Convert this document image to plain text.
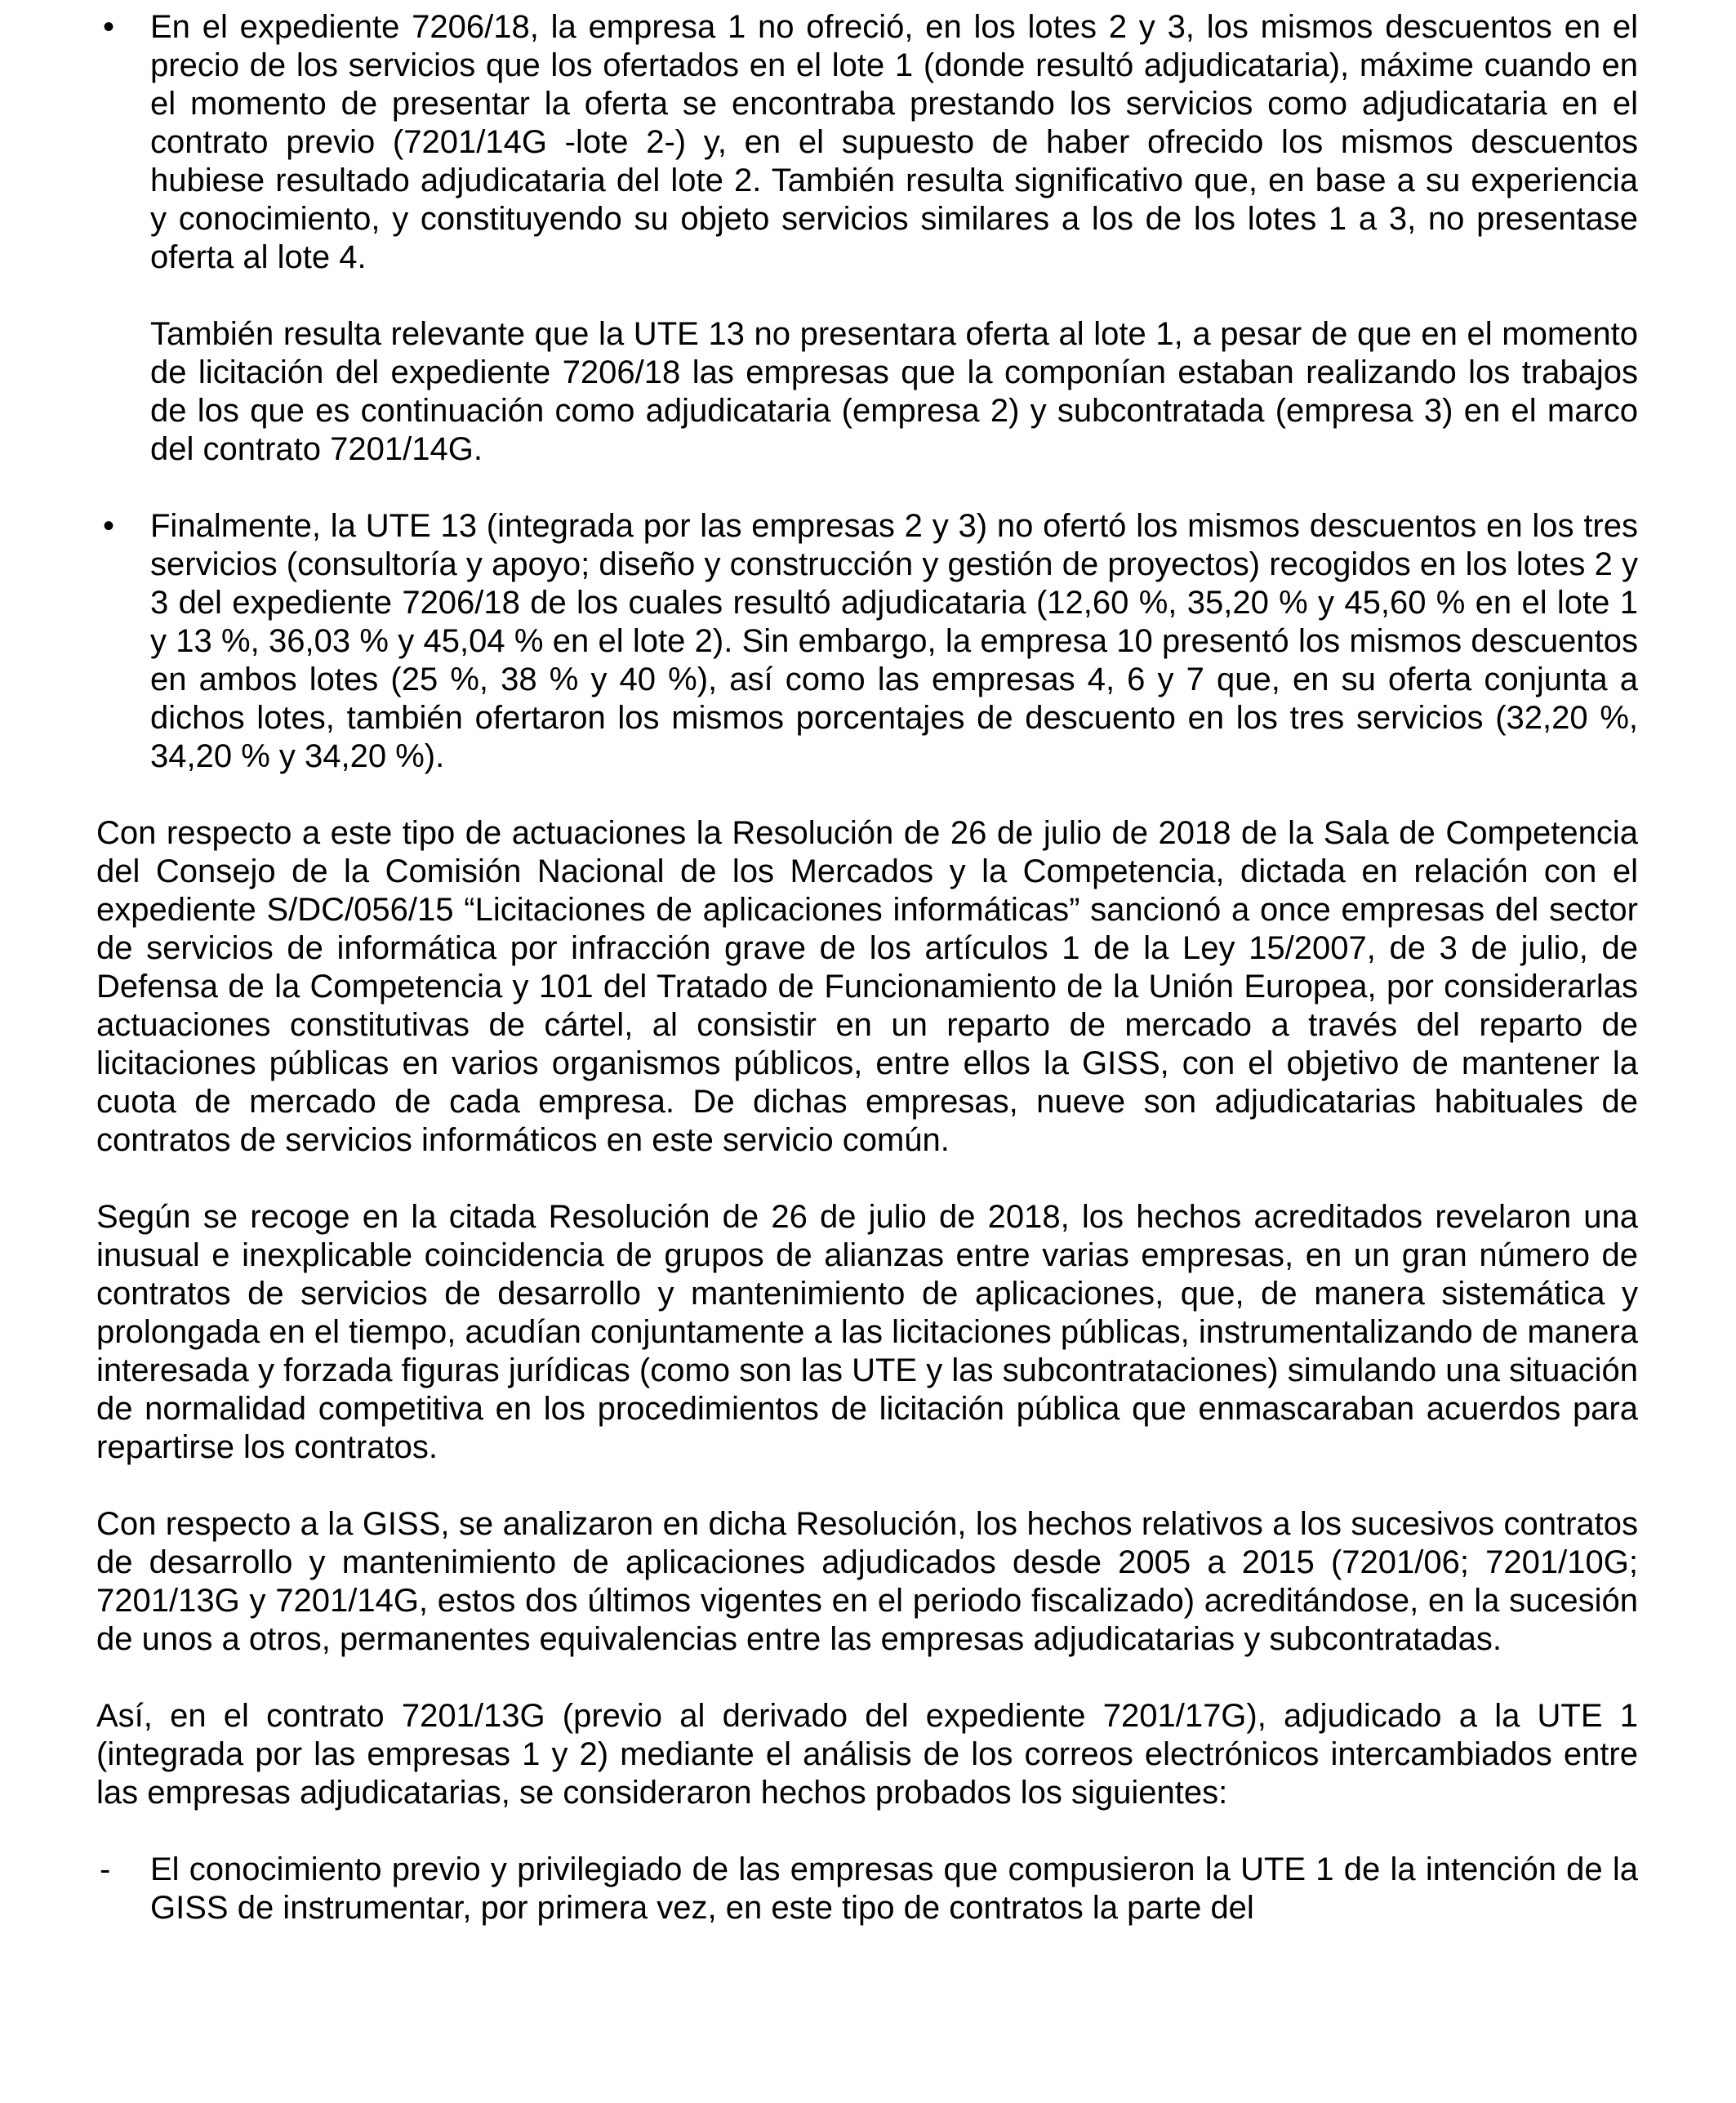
• En el expediente 7206/18, la empresa 1 no ofreció, en los lotes 2 y 3, los mismos descuentos en el precio de los servicios que los ofertados en el lote 1 (donde resultó adjudicataria), máxime cuando en el momento de presentar la oferta se encontraba prestando los servicios como adjudicataria en el contrato previo (7201/14G -lote 2-) y, en el supuesto de haber ofrecido los mismos descuentos hubiese resultado adjudicataria del lote 2. También resulta significativo que, en base a su experiencia y conocimiento, y constituyendo su objeto servicios similares a los de los lotes 1 a 3, no presentase oferta al lote 4.

También resulta relevante que la UTE 13 no presentara oferta al lote 1, a pesar de que en el momento de licitación del expediente 7206/18 las empresas que la componían estaban realizando los trabajos de los que es continuación como adjudicataria (empresa 2) y subcontratada (empresa 3) en el marco del contrato 7201/14G.

• Finalmente, la UTE 13 (integrada por las empresas 2 y 3) no ofertó los mismos descuentos en los tres servicios (consultoría y apoyo; diseño y construcción y gestión de proyectos) recogidos en los lotes 2 y 3 del expediente 7206/18 de los cuales resultó adjudicataria (12,60 %, 35,20 % y 45,60 % en el lote 1 y 13 %, 36,03 % y 45,04 % en el lote 2). Sin embargo, la empresa 10 presentó los mismos descuentos en ambos lotes (25 %, 38 % y 40 %), así como las empresas 4, 6 y 7 que, en su oferta conjunta a dichos lotes, también ofertaron los mismos porcentajes de descuento en los tres servicios (32,20 %, 34,20 % y 34,20 %).

Con respecto a este tipo de actuaciones la Resolución de 26 de julio de 2018 de la Sala de Competencia del Consejo de la Comisión Nacional de los Mercados y la Competencia, dictada en relación con el expediente S/DC/056/15 “Licitaciones de aplicaciones informáticas” sancionó a once empresas del sector de servicios de informática por infracción grave de los artículos 1 de la Ley 15/2007, de 3 de julio, de Defensa de la Competencia y 101 del Tratado de Funcionamiento de la Unión Europea, por considerarlas actuaciones constitutivas de cártel, al consistir en un reparto de mercado a través del reparto de licitaciones públicas en varios organismos públicos, entre ellos la GISS, con el objetivo de mantener la cuota de mercado de cada empresa. De dichas empresas, nueve son adjudicatarias habituales de contratos de servicios informáticos en este servicio común.

Según se recoge en la citada Resolución de 26 de julio de 2018, los hechos acreditados revelaron una inusual e inexplicable coincidencia de grupos de alianzas entre varias empresas, en un gran número de contratos de servicios de desarrollo y mantenimiento de aplicaciones, que, de manera sistemática y prolongada en el tiempo, acudían conjuntamente a las licitaciones públicas, instrumentalizando de manera interesada y forzada figuras jurídicas (como son las UTE y las subcontrataciones) simulando una situación de normalidad competitiva en los procedimientos de licitación pública que enmascaraban acuerdos para repartirse los contratos.

Con respecto a la GISS, se analizaron en dicha Resolución, los hechos relativos a los sucesivos contratos de desarrollo y mantenimiento de aplicaciones adjudicados desde 2005 a 2015 (7201/06; 7201/10G; 7201/13G y 7201/14G, estos dos últimos vigentes en el periodo fiscalizado) acreditándose, en la sucesión de unos a otros, permanentes equivalencias entre las empresas adjudicatarias y subcontratadas.

Así, en el contrato 7201/13G (previo al derivado del expediente 7201/17G), adjudicado a la UTE 1 (integrada por las empresas 1 y 2) mediante el análisis de los correos electrónicos intercambiados entre las empresas adjudicatarias, se consideraron hechos probados los siguientes:

- El conocimiento previo y privilegiado de las empresas que compusieron la UTE 1 de la intención de la GISS de instrumentar, por primera vez, en este tipo de contratos la parte del
